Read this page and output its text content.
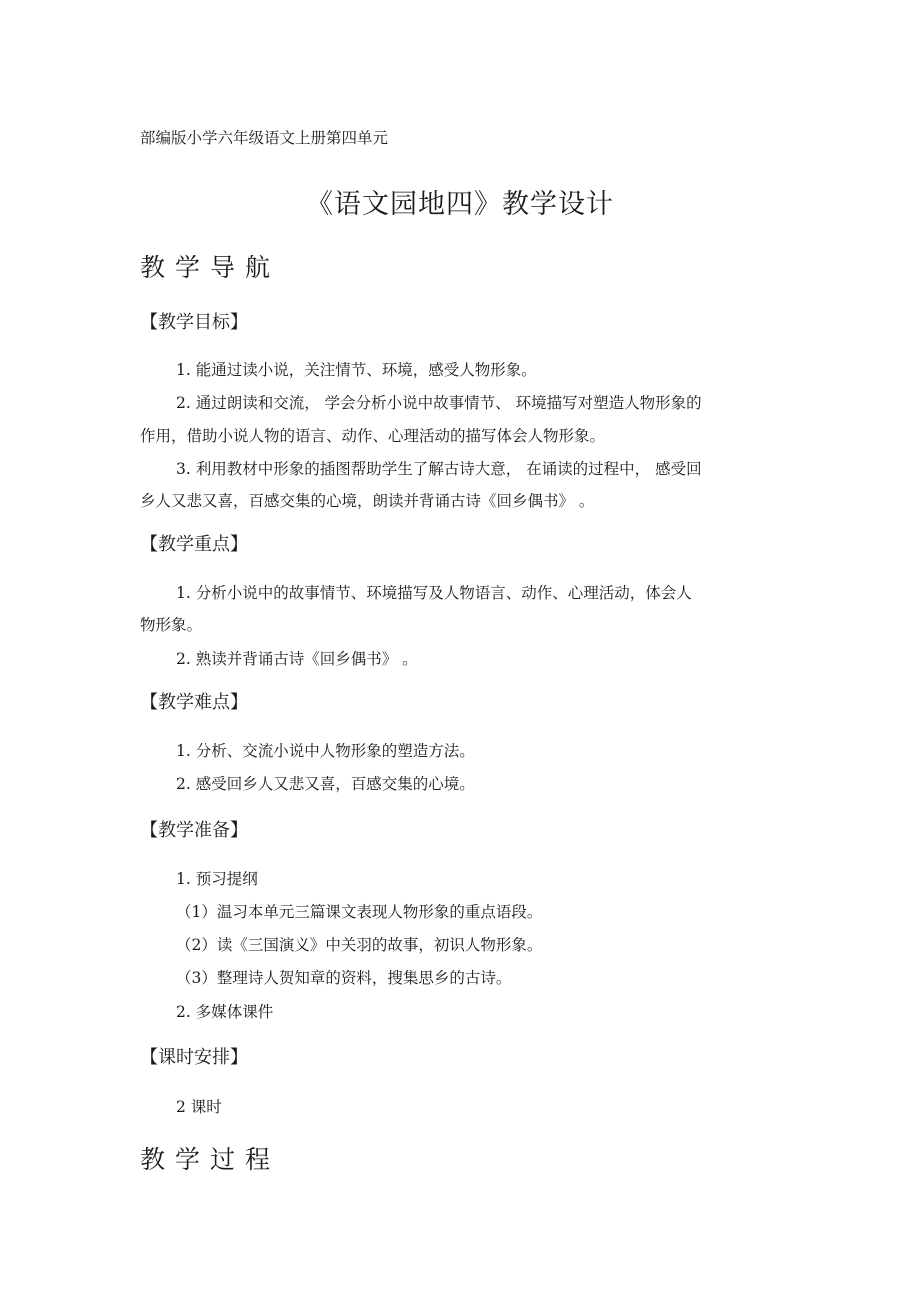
部编版小学六年级语文上册第四单元
《语文园地四》教学设计
教学导航
【教学目标】
1. 能通过读小说，关注情节、环境，感受人物形象。
2. 通过朗读和交流， 学会分析小说中故事情节、 环境描写对塑造人物形象的
作用，借助小说人物的语言、动作、心理活动的描写体会人物形象。
3. 利用教材中形象的插图帮助学生了解古诗大意， 在诵读的过程中， 感受回
乡人又悲又喜，百感交集的心境，朗读并背诵古诗《回乡偶书》 。
【教学重点】
1. 分析小说中的故事情节、环境描写及人物语言、动作、心理活动，体会人
物形象。
2. 熟读并背诵古诗《回乡偶书》 。
【教学难点】
1. 分析、交流小说中人物形象的塑造方法。
2. 感受回乡人又悲又喜，百感交集的心境。
【教学准备】
1. 预习提纲
（1）温习本单元三篇课文表现人物形象的重点语段。
（2）读《三国演义》中关羽的故事，初识人物形象。
（3）整理诗人贺知章的资料，搜集思乡的古诗。
2. 多媒体课件
【课时安排】
2 课时
教学过程
